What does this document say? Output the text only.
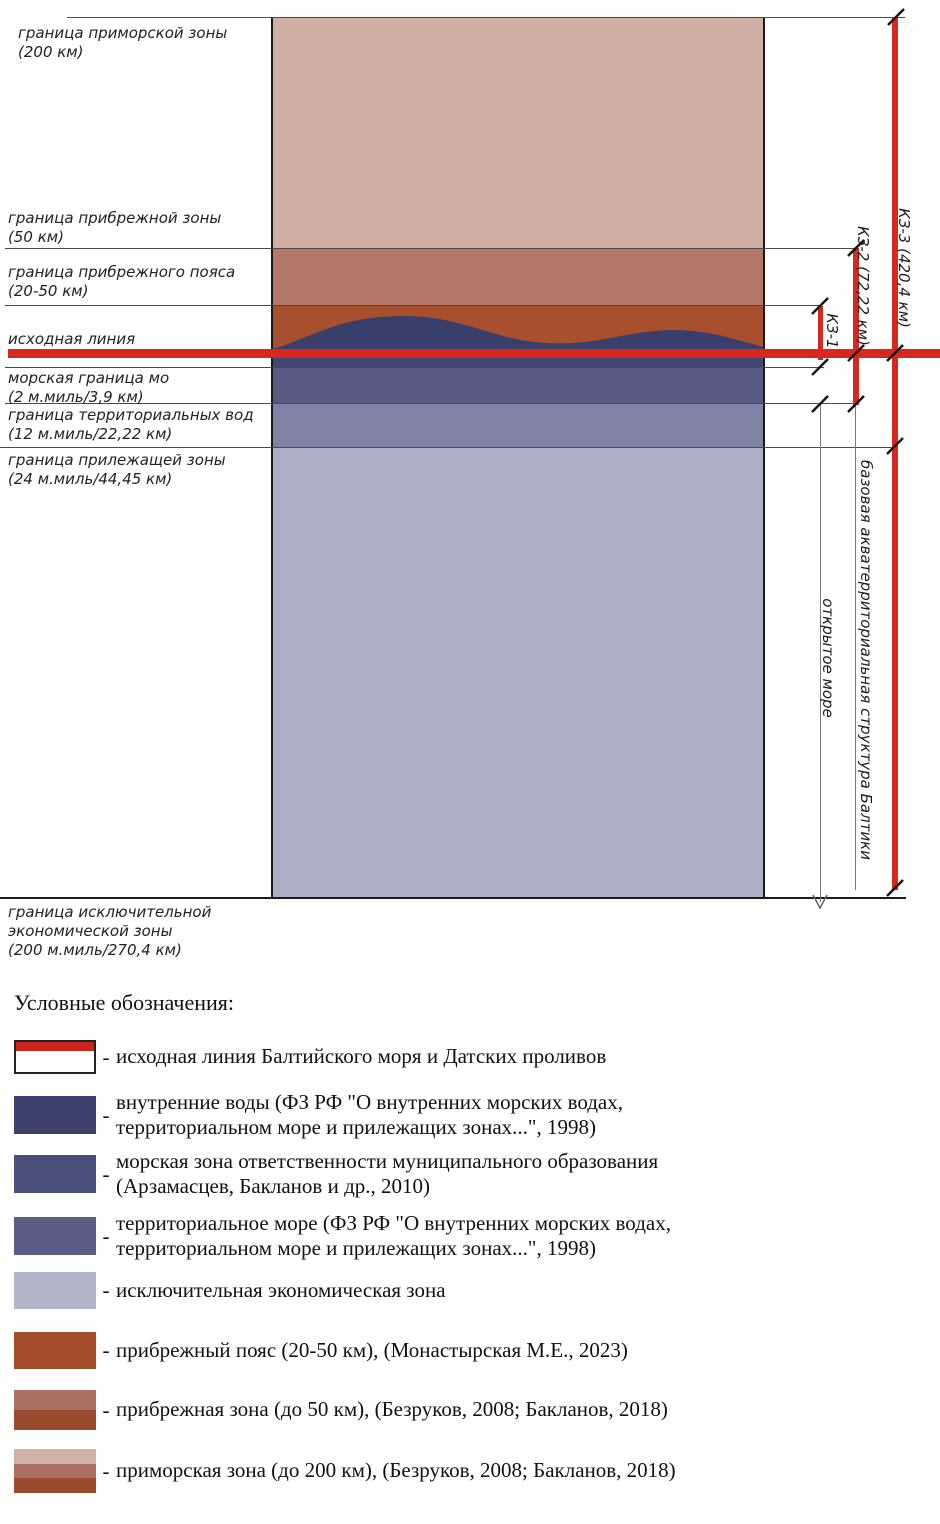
граница приморской зоны
(200 км)
граница прибрежной зоны
(50 км)
граница прибрежного пояса
(20-50 км)
исходная линия
морская граница мо
(2 м.миль/3,9 км)
граница территориальных вод
(12 м.миль/22,22 км)
граница прилежащей зоны
(24 м.миль/44,45 км)
граница исключительной
экономической зоны
(200 м.миль/270,4 км)
КЗ-1 КЗ-2 (72,22 км) КЗ-3 (420,4 км)
открытое море базовая акватерриториальная структура Балтики
Условные обозначения:
- исходная линия Балтийского моря и Датских проливов
-
внутренние воды (ФЗ РФ "О внутренних морских водах,
территориальном море и прилежащих зонах...", 1998)
-
морская зона ответственности муниципального образования
(Арзамасцев, Бакланов и др., 2010)
-
территориальное море (ФЗ РФ "О внутренних морских водах,
территориальном море и прилежащих зонах...", 1998)
- исключительная экономическая зона
- прибрежный пояс (20-50 км), (Монастырская М.Е., 2023)
- прибрежная зона (до 50 км), (Безруков, 2008; Бакланов, 2018)
- приморская зона (до 200 км), (Безруков, 2008; Бакланов, 2018)
